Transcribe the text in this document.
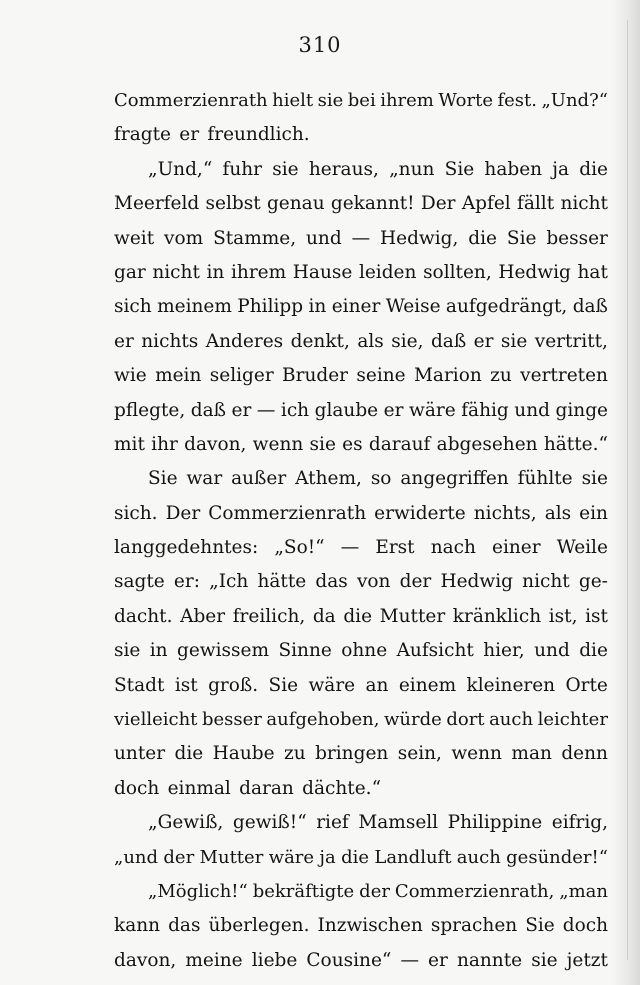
310
Commerzienrath hielt sie bei ihrem Worte fest. „Und?“
fragte er freundlich.
„Und,“ fuhr sie heraus, „nun Sie haben ja die
Meerfeld selbst genau gekannt! Der Apfel fällt nicht
weit vom Stamme, und — Hedwig, die Sie besser
gar nicht in ihrem Hause leiden sollten, Hedwig hat
sich meinem Philipp in einer Weise aufgedrängt, daß
er nichts Anderes denkt, als sie, daß er sie vertritt,
wie mein seliger Bruder seine Marion zu vertreten
pflegte, daß er — ich glaube er wäre fähig und ginge
mit ihr davon, wenn sie es darauf abgesehen hätte.“
Sie war außer Athem, so angegriffen fühlte sie
sich. Der Commerzienrath erwiderte nichts, als ein
langgedehntes: „So!“ — Erst nach einer Weile
sagte er: „Ich hätte das von der Hedwig nicht ge-
dacht. Aber freilich, da die Mutter kränklich ist, ist
sie in gewissem Sinne ohne Aufsicht hier, und die
Stadt ist groß. Sie wäre an einem kleineren Orte
vielleicht besser aufgehoben, würde dort auch leichter
unter die Haube zu bringen sein, wenn man denn
doch einmal daran dächte.“
„Gewiß, gewiß!“ rief Mamsell Philippine eifrig,
„und der Mutter wäre ja die Landluft auch gesünder!“
„Möglich!“ bekräftigte der Commerzienrath, „man
kann das überlegen. Inzwischen sprachen Sie doch
davon, meine liebe Cousine“ — er nannte sie jetzt
